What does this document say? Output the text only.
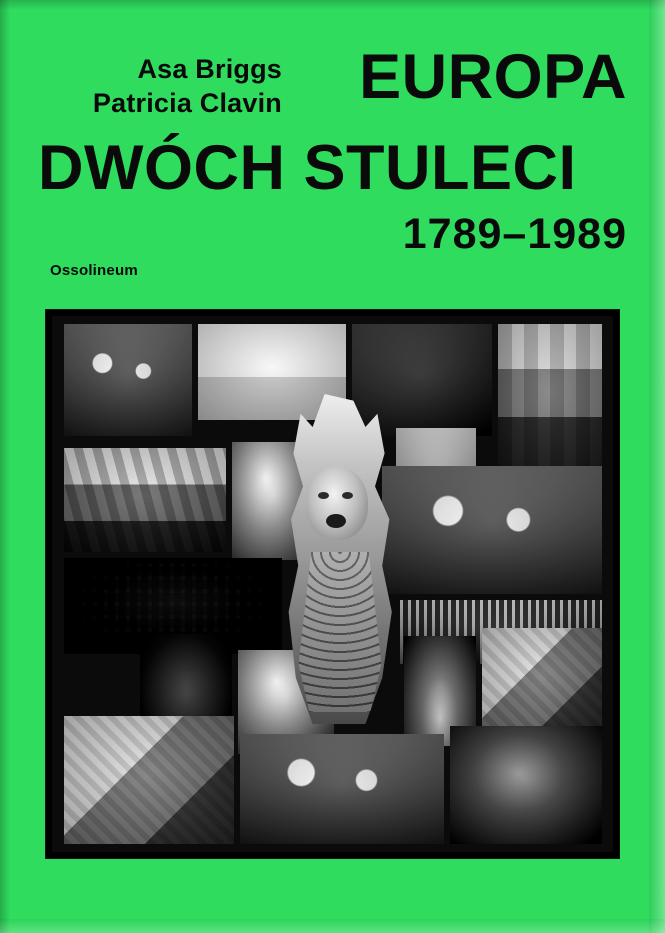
Asa Briggs
Patricia Clavin EUROPA
DWÓCH STULECI
1789–1989
Ossolineum
